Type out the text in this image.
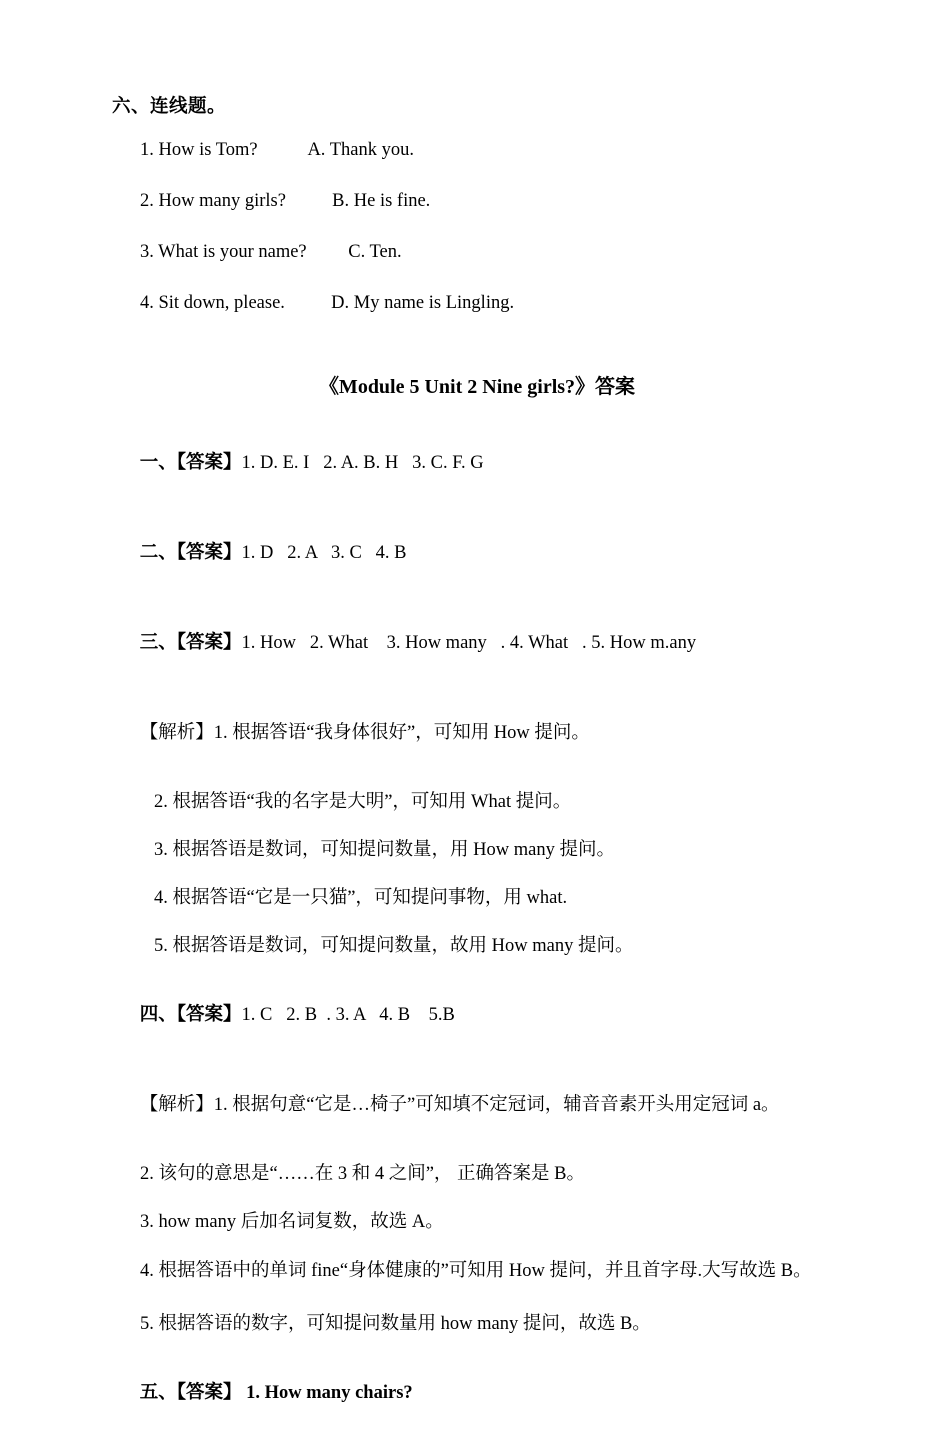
六、连线题。
1. How is Tom?           A. Thank you.
2. How many girls?          B. He is fine.
3. What is your name?         C. Ten.
4. Sit down, please.          D. My name is Lingling.
《Module 5 Unit 2 Nine girls?》答案

一、【答案】1. D. E. I   2. A. B. H   3. C. F. G

二、【答案】1. D   2. A   3. C   4. B

三、【答案】1. How   2. What    3. How many   . 4. What   . 5. How m.any

【解析】1. 根据答语“我身体很好”，可知用 How 提问。

2. 根据答语“我的名字是大明”，可知用 What 提问。
3. 根据答语是数词，可知提问数量，用 How many 提问。
4. 根据答语“它是一只猫”，可知提问事物，用 what.
5. 根据答语是数词，可知提问数量，故用 How many 提问。

四、【答案】1. C   2. B  . 3. A   4. B    5.B

【解析】1. 根据句意“它是…椅子”可知填不定冠词，辅音音素开头用定冠词 a。

2. 该句的意思是“……在 3 和 4 之间”， 正确答案是 B。
3. how many 后加名词复数，故选 A。
4. 根据答语中的单词 fine“身体健康的”可知用 How 提问，并且首字母.大写故选 B。
5. 根据答语的数字，可知提问数量用 how many 提问，故选 B。

五、【答案】 1. How many chairs?
